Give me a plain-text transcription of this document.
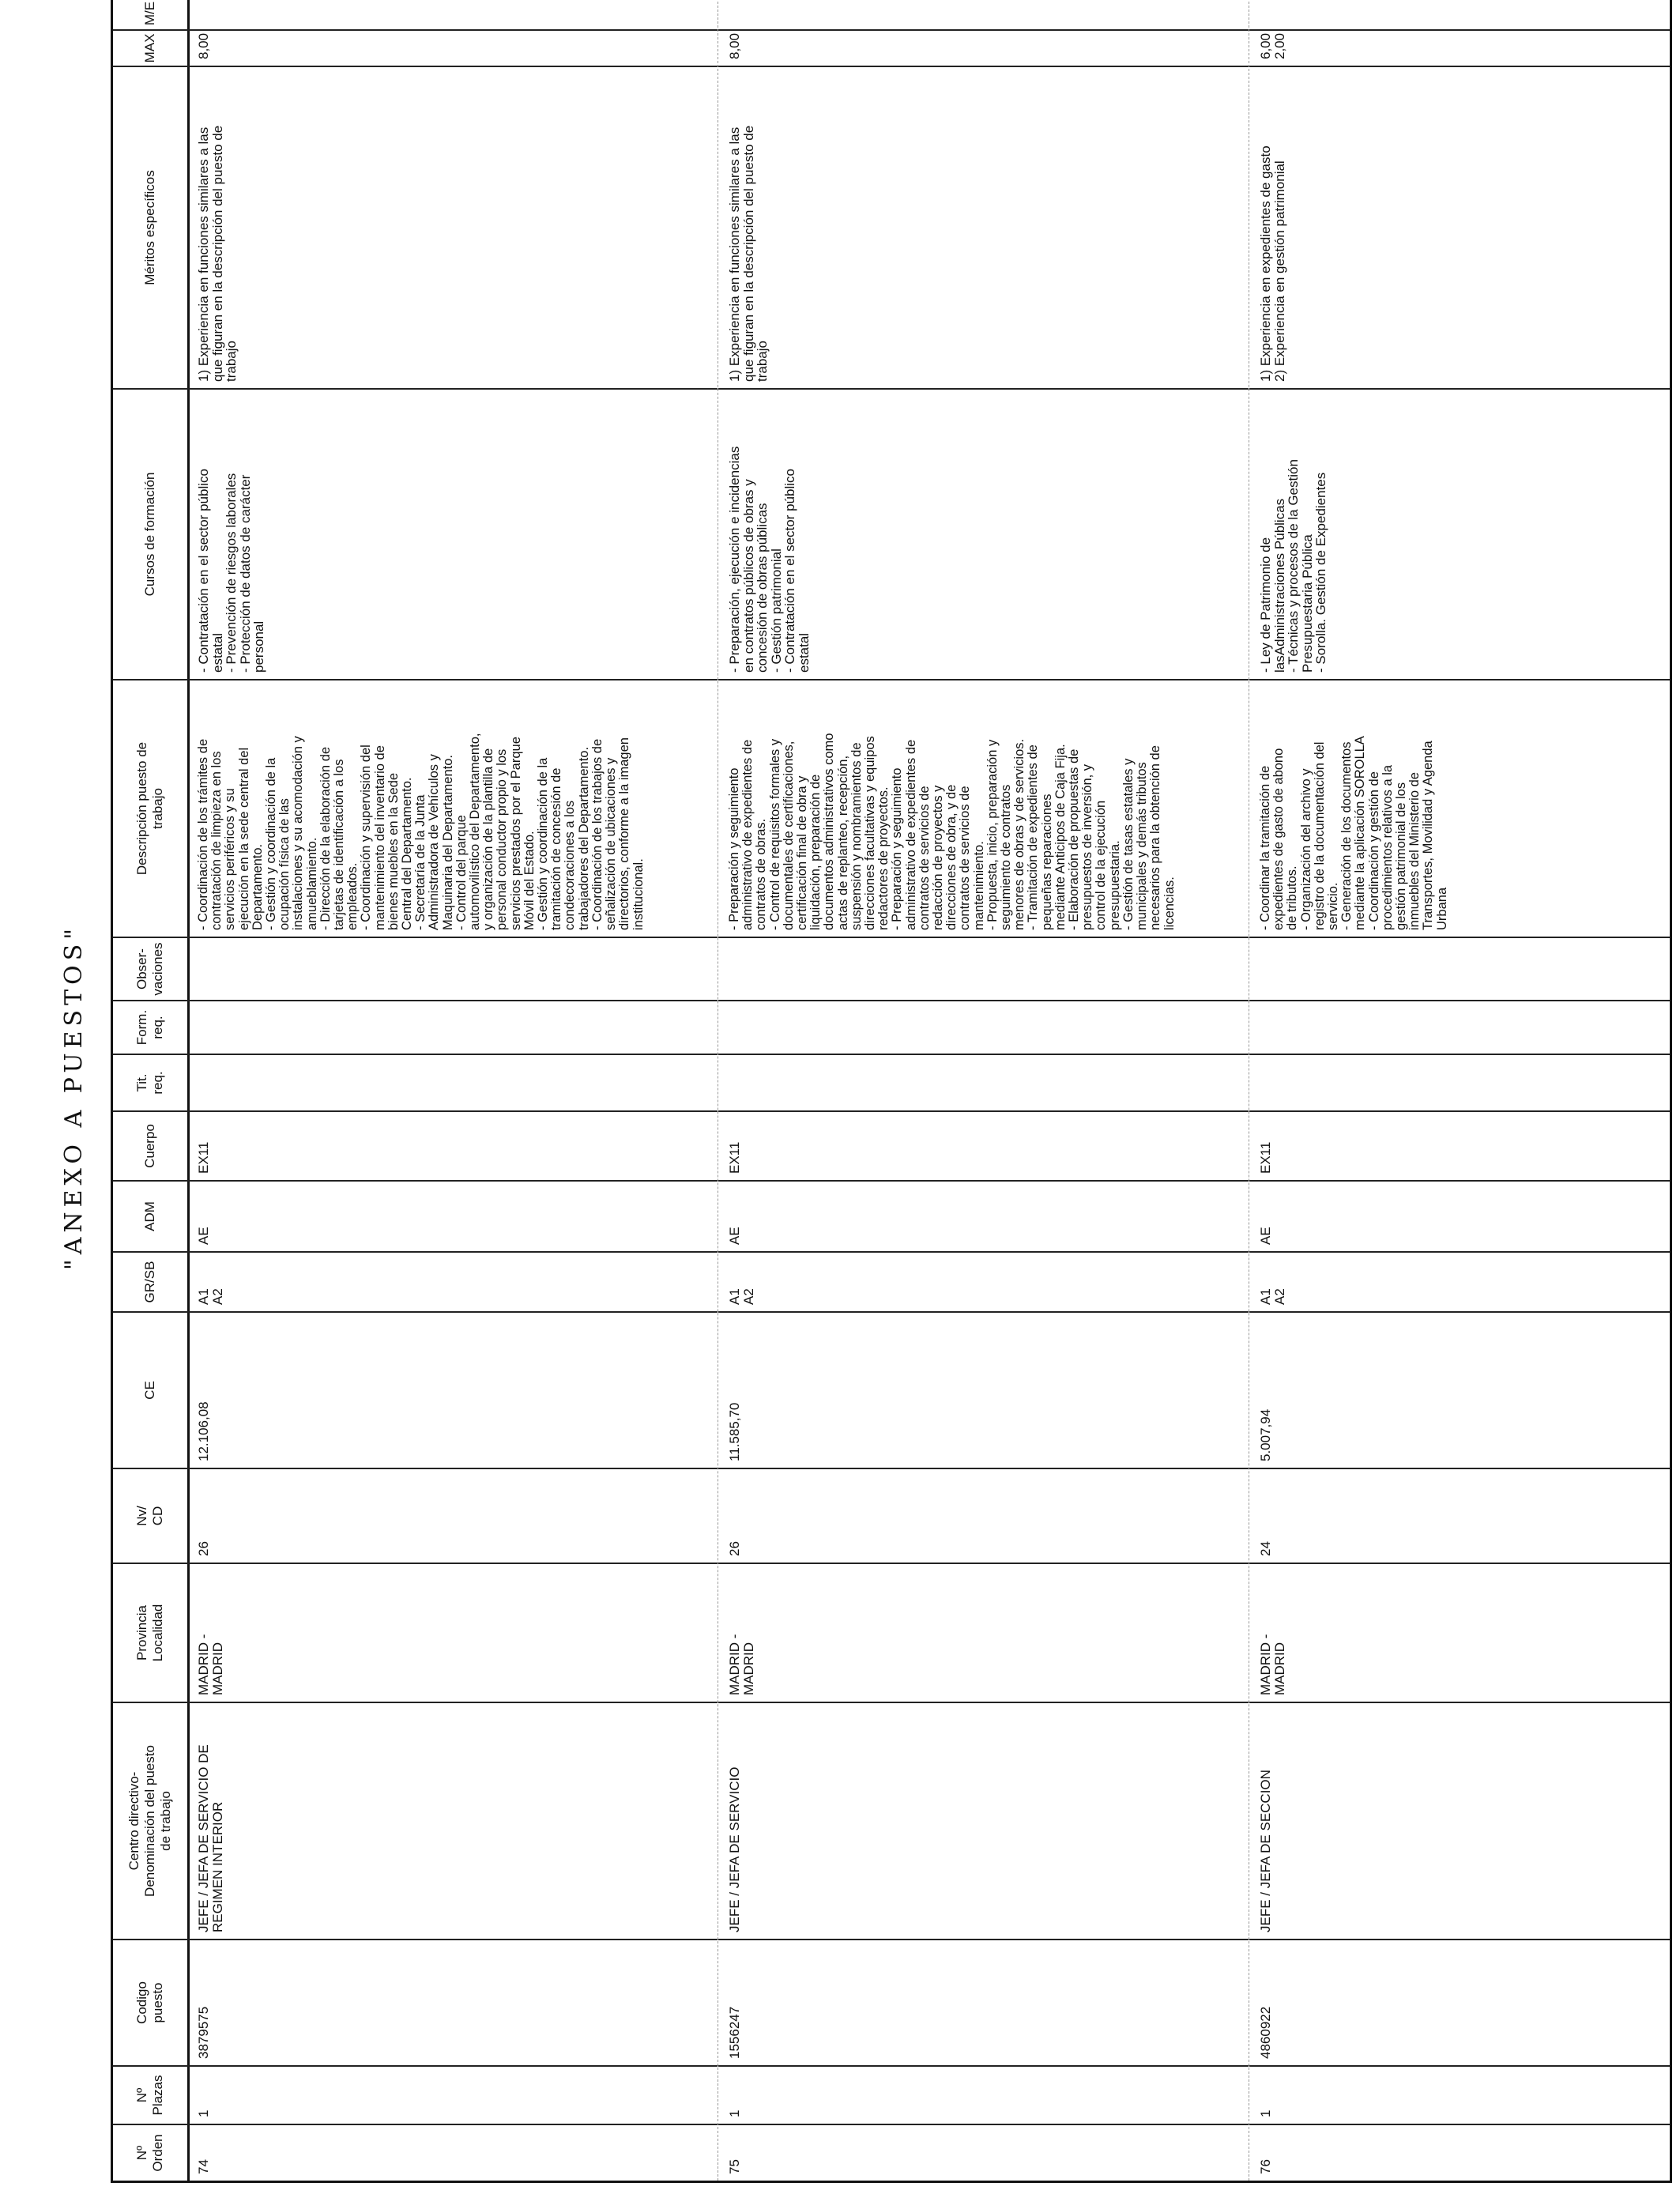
"ANEXO A PUESTOS"
Nº
Orden
Nº
Plazas
Codigo
puesto
Centro directivo-
Denominación del puesto
de trabajo
Provincia
Localidad
Nv/
CD
CE
GR/SB
ADM
Cuerpo
Tit.
req.
Form.
req.
Obser-
vaciones
Descripción puesto de
trabajo
Cursos de formación
Méritos específicos
MAX
M/E
74
1
3879575
JEFE / JEFA DE SERVICIO DE
REGIMEN INTERIOR
MADRID -
MADRID
26
12.106,08
A1
A2
AE
EX11
- Coordinación de los trámites de
contratación de limpieza en los
servicios periféricos y su
ejecución en la sede central del
Departamento.
- Gestión y coordinación de la
ocupación física de las
instalaciones y su acomodación y
amueblamiento.
- Dirección de la elaboración de
tarjetas de identificación a los
empleados.
- Coordinación y supervisión del
mantenimiento del inventario de
bienes muebles en la Sede
Central del Departamento.
- Secretaría de la Junta
Administradora de Vehículos y
Maquinaria del Departamento.
- Control del parque
automovilístico del Departamento,
y organización de la plantilla de
personal conductor propio y los
servicios prestados por el Parque
Móvil del Estado.
- Gestión y coordinación de la
tramitación de concesión de
condecoraciones a los
trabajadores del Departamento.
- Coordinación de los trabajos de
señalización de ubicaciones y
directorios, conforme a la imagen
institucional.
- Contratación en el sector público
estatal
- Prevención de riesgos laborales
- Protección de datos de carácter
personal
1) Experiencia en funciones similares a las
que figuran en la descripción del puesto de
trabajo
8,00
75
1
1556247
JEFE / JEFA DE SERVICIO
MADRID -
MADRID
26
11.585,70
A1
A2
AE
EX11
- Preparación y seguimiento
administrativo de expedientes de
contratos de obras.
- Control de requisitos formales y
documentales de certificaciones,
certificación final de obra y
liquidación, preparación de
documentos administrativos como
actas de replanteo, recepción,
suspensión y nombramientos de
direcciones facultativas y equipos
redactores de proyectos.
- Preparación y seguimiento
administrativo de expedientes de
contratos de servicios de
redacción de proyectos y
direcciones de obra, y de
contratos de servicios de
mantenimiento.
- Propuesta, inicio, preparación y
seguimiento de contratos
menores de obras y de servicios.
- Tramitación de expedientes de
pequeñas reparaciones
mediante Anticipos de Caja Fija.
- Elaboración de propuestas de
presupuestos de inversión, y
control de la ejecución
presupuestaria.
- Gestión de tasas estatales y
municipales y demás tributos
necesarios para la obtención de
licencias.
- Preparación, ejecución e incidencias
en contratos públicos de obras y
concesión de obras públicas
- Gestión patrimonial
- Contratación en el sector público
estatal
1) Experiencia en funciones similares a las
que figuran en la descripción del puesto de
trabajo
8,00
76
1
4860922
JEFE / JEFA DE SECCION
MADRID -
MADRID
24
5.007,94
A1
A2
AE
EX11
- Coordinar la tramitación de
expedientes de gasto de abono
de tributos.
- Organización del archivo y
registro de la documentación del
servicio.
- Generación de los documentos
mediante la aplicación SOROLLA
- Coordinación y gestión de
procedimientos relativos a la
gestión patrimonial de los
inmuebles del Ministerio de
Transportes, Movilidad y Agenda
Urbana
- Ley de Patrimonio de
lasAdministraciones Públicas
- Técnicas y procesos de la Gestión
Presupuestaria Pública
- Sorolla. Gestión de Expedientes
1) Experiencia en expedientes de gasto
2) Experiencia en gestión patrimonial
6,00
2,00
